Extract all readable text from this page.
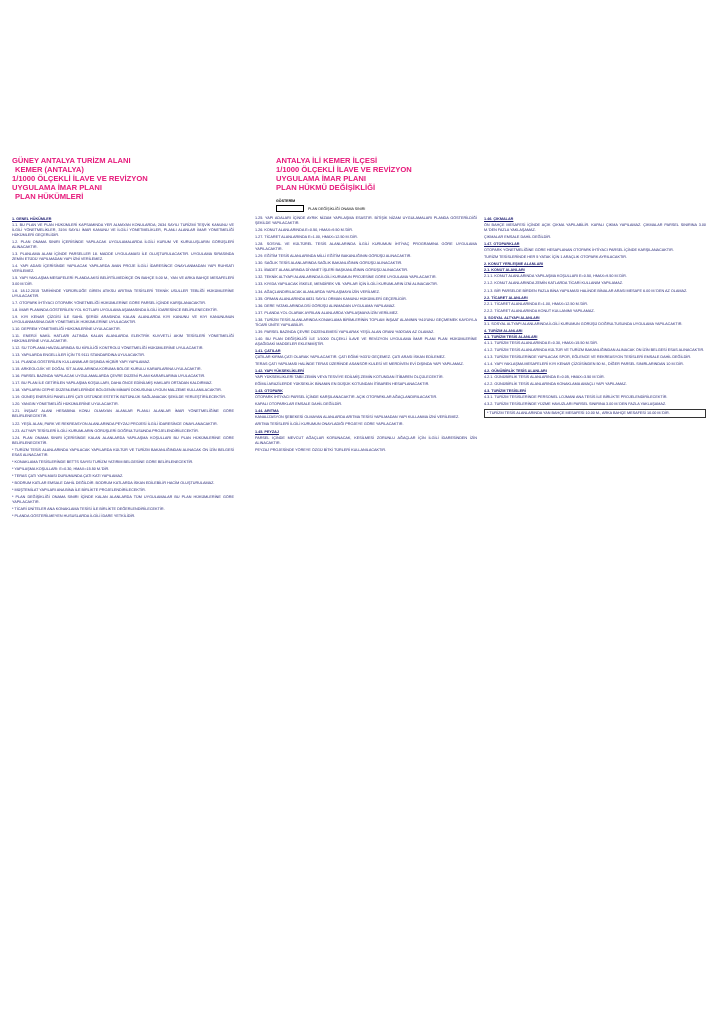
GÜNEY ANTALYA TURİZM ALANI
KEMER (ANTALYA)
1/1000 ÖLÇEKLİ İLAVE VE REVİZYON
UYGULAMA İMAR PLANI
PLAN HÜKÜMLERİ
ANTALYA İLİ KEMER İLÇESİ
1/1000 ÖLÇEKLİ İLAVE VE REVİZYON
UYGULAMA İMAR PLANI
PLAN HÜKMÜ DEĞİŞİKLİĞİ
GÖSTERİM
PLAN DEĞİŞİKLİĞİ ONAMA SINIRI
1. GENEL HÜKÜMLER
1.1. BU PLAN VE PLAN HÜKÜMLERİ KAPSAMINDA YER ALMAYAN KONULARDA; 2634 SAYILI TURİZMİ TEŞVİK KANUNU VE İLGİLİ YÖNETMELİKLER, 3194 SAYILI İMAR KANUNU VE İLGİLİ YÖNETMELİKLER, PLANLI ALANLAR İMAR YÖNETMELİĞİ HÜKÜMLERİ GEÇERLİDİR.
1.2. PLAN ONAMA SINIRI İÇERİSİNDE YAPILACAK UYGULAMALARDA İLGİLİ KURUM VE KURULUŞLARIN GÖRÜŞLERİ ALINACAKTIR.
1.3. PLANLAMA ALANI İÇİNDE PARSELLER 18. MADDE UYGULAMASI İLE OLUŞTURULACAKTIR. UYGULAMA SIRASINDA ZEMİN ETÜDÜ YAPILMADAN YAPI İZNİ VERİLEMEZ.
1.4. YAPI ADASI İÇERİSİNDE YAPILACAK YAPILARDA AVAN PROJE İLGİLİ İDARESİNCE ONAYLANMADAN YAPI RUHSATI VERİLEMEZ.
1.5. YAPI YAKLAŞMA MESAFELERİ PLANDA AKSİ BELİRTİLMEDİKÇE ÖN BAHÇE 5.00 M., YAN VE ARKA BAHÇE MESAFELERİ 3.00 M.'DİR.
1.6. 18.12.2015 TARİHİNDE YÜRÜRLÜĞE GİREN ATIKSU ARITMA TESİSLERİ TEKNİK USULLER TEBLİĞİ HÜKÜMLERİNE UYULACAKTIR.
1.7. OTOPARK İHTİYACI OTOPARK YÖNETMELİĞİ HÜKÜMLERİNE GÖRE PARSEL İÇİNDE KARŞILANACAKTIR.
1.8. İMAR PLANINDA GÖSTERİLEN YOL KOTLARI UYGULAMA AŞAMASINDA İLGİLİ İDARESİNCE BELİRLENECEKTİR.
1.9. KIYI KENAR ÇİZGİSİ İLE SAHİL ŞERİDİ ARASINDA KALAN ALANLARDA KIYI KANUNU VE KIYI KANUNUNUN UYGULANMASINA DAİR YÖNETMELİK HÜKÜMLERİNE UYULACAKTIR.
1.10. DEPREM YÖNETMELİĞİ HÜKÜMLERİNE UYULACAKTIR.
1.11. ENERJİ NAKİL HATLARI ALTINDA KALAN ALANLARDA ELEKTRİK KUVVETLİ AKIM TESİSLERİ YÖNETMELİĞİ HÜKÜMLERİNE UYULACAKTIR.
1.12. SU TOPLAMA HAVZALARINDA SU KİRLİLİĞİ KONTROLÜ YÖNETMELİĞİ HÜKÜMLERİNE UYULACAKTIR.
1.13. YAPILARDA ENGELLİLER İÇİN TS 9111 STANDARDINA UYULACAKTIR.
1.14. PLANDA GÖSTERİLEN KULLANIMLAR DIŞINDA HİÇBİR YAPI YAPILAMAZ.
1.15. ARKEOLOJİK VE DOĞAL SİT ALANLARINDA KORUMA BÖLGE KURULU KARARLARINA UYULACAKTIR.
1.16. PARSEL BAZINDA YAPILACAK UYGULAMALARDA ÇEVRE DÜZENİ PLANI KARARLARINA UYULACAKTIR.
1.17. BU PLAN İLE GETİRİLEN YAPILAŞMA KOŞULLARI, DAHA ÖNCE EDİNİLMİŞ HAKLARI ORTADAN KALDIRMAZ.
1.18. YAPILARIN CEPHE DÜZENLEMELERİNDE BÖLGENİN MİMARİ DOKUSUNA UYGUN MALZEME KULLANILACAKTIR.
1.19. GÜNEŞ ENERJİSİ PANELLERİ ÇATI ÜSTÜNDE ESTETİK BÜTÜNLÜK SAĞLANACAK ŞEKİLDE YERLEŞTİRİLECEKTİR.
1.20. YANGIN YÖNETMELİĞİ HÜKÜMLERİNE UYULACAKTIR.
1.21. İNŞAAT ALANI HESABINA KONU OLMAYAN ALANLAR PLANLI ALANLAR İMAR YÖNETMELİĞİNE GÖRE BELİRLENECEKTİR.
1.22. YEŞİL ALAN, PARK VE REKREASYON ALANLARINDA PEYZAJ PROJESİ İLGİLİ İDARESİNCE ONAYLANACAKTIR.
1.23. ALTYAPI TESİSLERİ İLGİLİ KURUMLARIN GÖRÜŞLERİ DOĞRULTUSUNDA PROJELENDİRİLECEKTİR.
1.24. PLAN ONAMA SINIRI İÇERİSİNDE KALAN ALANLARDA YAPILAŞMA KOŞULLARI BU PLAN HÜKÜMLERİNE GÖRE BELİRLENECEKTİR.
* TURİZM TESİS ALANLARINDA YAPILACAK YAPILARDA KÜLTÜR VE TURİZM BAKANLIĞINDAN ALINACAK ÖN İZİN BELGESİ ESAS ALINACAKTIR.
* KONAKLAMA TESİSLERİNDE BETTS SAYISI TURİZM YATIRIM BELGESİNE GÖRE BELİRLENECEKTİR.
* YAPILAŞMA KOŞULLARI: E=0.30, HMAX=15.50 M.'DİR.
* TERAS ÇATI YAPILMASI DURUMUNDA ÇATI KATI YAPILAMAZ.
* BODRUM KATLAR EMSALE DAHİL DEĞİLDİR. BODRUM KATLARDA İSKAN EDİLEBİLİR HACİM OLUŞTURULAMAZ.
* MÜŞTEMİLAT YAPILARI ANA BİNA İLE BİRLİKTE PROJELENDİRİLECEKTİR.
* PLAN DEĞİŞİKLİĞİ ONAMA SINIRI İÇİNDE KALAN ALANLARDA TÜM UYGULAMALAR BU PLAN HÜKÜMLERİNE GÖRE YAPILACAKTIR.
* TİCARİ ÜNİTELER ANA KONAKLAMA TESİSİ İLE BİRLİKTE DEĞERLENDİRİLECEKTİR.
* PLANDA GÖSTERİLMEYEN HUSUSLARDA İLGİLİ İDARE YETKİLİDİR.
1.25. YAPI ADALARI İÇİNDE AYRIK NİZAM YAPILAŞMA ESASTIR. BİTİŞİK NİZAM UYGULAMALARI PLANDA GÖSTERİLDİĞİ ŞEKİLDE YAPILACAKTIR.
1.26. KONUT ALANLARINDA E=0.50, HMAX=9.50 M.'DİR.
1.27. TİCARET ALANLARINDA E=1.00, HMAX=12.50 M.'DİR.
1.28. SOSYAL VE KÜLTÜREL TESİS ALANLARINDA İLGİLİ KURUMUN İHTİYAÇ PROGRAMINA GÖRE UYGULAMA YAPILACAKTIR.
1.29. EĞİTİM TESİS ALANLARINDA MİLLİ EĞİTİM BAKANLIĞININ GÖRÜŞÜ ALINACAKTIR.
1.30. SAĞLIK TESİS ALANLARINDA SAĞLIK BAKANLIĞININ GÖRÜŞÜ ALINACAKTIR.
1.31. İBADET ALANLARINDA DİYANET İŞLERİ BAŞKANLIĞININ GÖRÜŞÜ ALINACAKTIR.
1.32. TEKNİK ALTYAPI ALANLARINDA İLGİLİ KURUMUN PROJESİNE GÖRE UYGULAMA YAPILACAKTIR.
1.33. KIYIDA YAPILACAK İSKELE, MENDİREK VB. YAPILAR İÇİN İLGİLİ KURUMLARIN İZNİ ALINACAKTIR.
1.34. AĞAÇLANDIRILACAK ALANLARDA YAPILAŞMAYA İZİN VERİLMEZ.
1.35. ORMAN ALANLARINDA 6831 SAYILI ORMAN KANUNU HÜKÜMLERİ GEÇERLİDİR.
1.36. DERE YATAKLARINDA DSİ GÖRÜŞÜ ALINMADAN UYGULAMA YAPILAMAZ.
1.37. PLANDA YOL OLARAK AYRILAN ALANLARDA YAPILAŞMAYA İZİN VERİLMEZ.
1.38. TURİZM TESİS ALANLARINDA KONAKLAMA BİRİMLERİNİN TOPLAM İNŞAAT ALANININ %10'UNU GEÇMEMEK KAYDIYLA TİCARİ ÜNİTE YAPILABİLİR.
1.39. PARSEL BAZINDA ÇEVRE DÜZENLEMESİ YAPILARAK YEŞİL ALAN ORANI %30'DAN AZ OLAMAZ.
1.40. BU PLAN DEĞİŞİKLİĞİ İLE 1/1000 ÖLÇEKLİ İLAVE VE REVİZYON UYGULAMA İMAR PLANI PLAN HÜKÜMLERİNE AŞAĞIDAKİ MADDELER EKLENMİŞTİR.
1.41. ÇATILAR
ÇATILAR KIRMA ÇATI OLARAK YAPILACAKTIR. ÇATI EĞİMİ %33'Ü GEÇEMEZ. ÇATI ARASI İSKAN EDİLEMEZ.
TERAS ÇATI YAPILMASI HALİNDE TERAS ÜZERİNDE ASANSÖR KULESİ VE MERDİVEN EVİ DIŞINDA YAPI YAPILAMAZ.
1.42. YAPI YÜKSEKLİKLERİ
YAPI YÜKSEKLİKLERİ TABİİ ZEMİN VEYA TESVİYE EDİLMİŞ ZEMİN KOTUNDAN İTİBAREN ÖLÇÜLECEKTİR.
EĞİMLİ ARAZİLERDE YÜKSEKLİK BİNANIN EN DÜŞÜK KOTUNDAN İTİBAREN HESAPLANACAKTIR.
1.43. OTOPARK
OTOPARK İHTİYACI PARSEL İÇİNDE KARŞILANACAKTIR. AÇIK OTOPARKLAR AĞAÇLANDIRILACAKTIR.
KAPALI OTOPARKLAR EMSALE DAHİL DEĞİLDİR.
1.44. ARITMA
KANALİZASYON ŞEBEKESİ OLMAYAN ALANLARDA ARITMA TESİSİ YAPILMADAN YAPI KULLANMA İZNİ VERİLEMEZ.
ARITMA TESİSLERİ İLGİLİ KURUMUN ONAYLADIĞI PROJEYE GÖRE YAPILACAKTIR.
1.45. PEYZAJ
PARSEL İÇİNDE MEVCUT AĞAÇLAR KORUNACAK, KESİLMESİ ZORUNLU AĞAÇLAR İÇİN İLGİLİ İDARESİNDEN İZİN ALINACAKTIR.
PEYZAJ PROJESİNDE YÖREYE ÖZGÜ BİTKİ TÜRLERİ KULLANILACAKTIR.
1.46. ÇIKMALAR
ÖN BAHÇE MESAFESİ İÇİNDE AÇIK ÇIKMA YAPILABİLİR. KAPALI ÇIKMA YAPILAMAZ. ÇIKMALAR PARSEL SINIRINA 3.00 M.'DEN FAZLA YAKLAŞAMAZ.
ÇIKMALAR EMSALE DAHİL DEĞİLDİR.
1.47. OTOPARKLAR
OTOPARK YÖNETMELİĞİNE GÖRE HESAPLANAN OTOPARK İHTİYACI PARSEL İÇİNDE KARŞILANACAKTIR.
TURİZM TESİSLERİNDE HER 5 YATAK İÇİN 1 ARAÇLIK OTOPARK AYRILACAKTIR.
2. KONUT YERLEŞME ALANLARI
2.1. KONUT ALANLARI
2.1.1. KONUT ALANLARINDA YAPILAŞMA KOŞULLARI E=0.50, HMAX=9.50 M.'DİR.
2.1.2. KONUT ALANLARINDA ZEMİN KATLARDA TİCARİ KULLANIM YAPILAMAZ.
2.1.3. BİR PARSELDE BİRDEN FAZLA BİNA YAPILMASI HALİNDE BİNALAR ARASI MESAFE 6.00 M.'DEN AZ OLAMAZ.
2.2. TİCARET ALANLARI
2.2.1. TİCARET ALANLARINDA E=1.00, HMAX=12.50 M.'DİR.
2.2.2. TİCARET ALANLARINDA KONUT KULLANIMI YAPILAMAZ.
3. SOSYAL ALTYAPI ALANLARI
3.1. SOSYAL ALTYAPI ALANLARINDA İLGİLİ KURUMUN GÖRÜŞÜ DOĞRULTUSUNDA UYGULAMA YAPILACAKTIR.
4. TURİZM ALANLARI
4.1. TURİZM TESİS ALANLARI
4.1.1. TURİZM TESİS ALANLARINDA E=0.30, HMAX=15.50 M.'DİR.
4.1.2. TURİZM TESİS ALANLARINDA KÜLTÜR VE TURİZM BAKANLIĞINDAN ALINACAK ÖN İZİN BELGESİ ESAS ALINACAKTIR.
4.1.3. TURİZM TESİSLERİNDE YAPILACAK SPOR, EĞLENCE VE REKREASYON TESİSLERİ EMSALE DAHİL DEĞİLDİR.
4.1.4. YAPI YAKLAŞMA MESAFELERİ KIYI KENAR ÇİZGİSİNDEN 50 M., DİĞER PARSEL SINIRLARINDAN 10 M.'DİR.
4.2. GÜNÜBİRLİK TESİS ALANLARI
4.2.1. GÜNÜBİRLİK TESİS ALANLARINDA E=0.05, HMAX=3.50 M.'DİR.
4.2.2. GÜNÜBİRLİK TESİS ALANLARINDA KONAKLAMA AMAÇLI YAPI YAPILAMAZ.
4.3. TURİZM TESİSLERİ
4.3.1. TURİZM TESİSLERİNDE PERSONEL LOJMANI ANA TESİS İLE BİRLİKTE PROJELENDİRİLECEKTİR.
4.3.2. TURİZM TESİSLERİNDE YÜZME HAVUZLARI PARSEL SINIRINA 3.00 M.'DEN FAZLA YAKLAŞAMAZ.
* TURİZM TESİS ALANLARINDA YAN BAHÇE MESAFESİ 10.00 M., ARKA BAHÇE MESAFESİ 10.00 M.'DİR.
